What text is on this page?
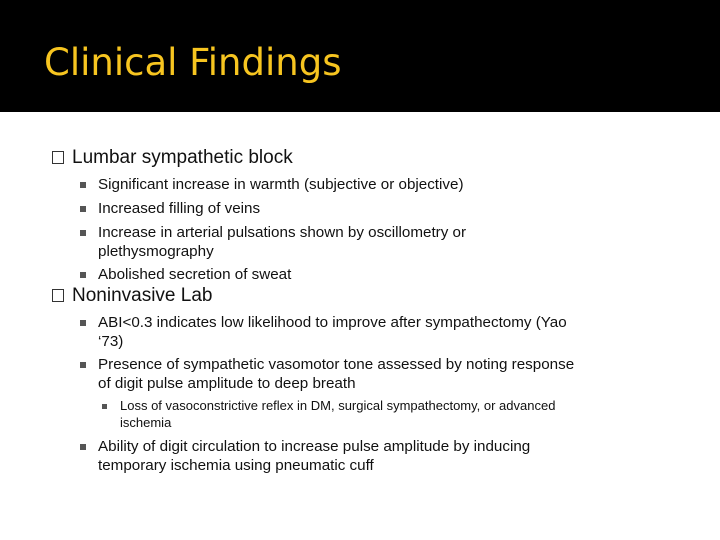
Clinical Findings
Lumbar sympathetic block
Significant increase in warmth (subjective or objective)
Increased filling of veins
Increase in arterial pulsations shown by oscillometry or
plethysmography
Abolished secretion of sweat
Noninvasive Lab
ABI<0.3 indicates low likelihood to improve after sympathectomy (Yao
‘73)
Presence of sympathetic vasomotor tone assessed by noting response
of digit pulse amplitude to deep breath
Loss of vasoconstrictive reflex in DM, surgical sympathectomy, or advanced
ischemia
Ability of digit circulation to increase pulse amplitude by inducing
temporary ischemia using pneumatic cuff
